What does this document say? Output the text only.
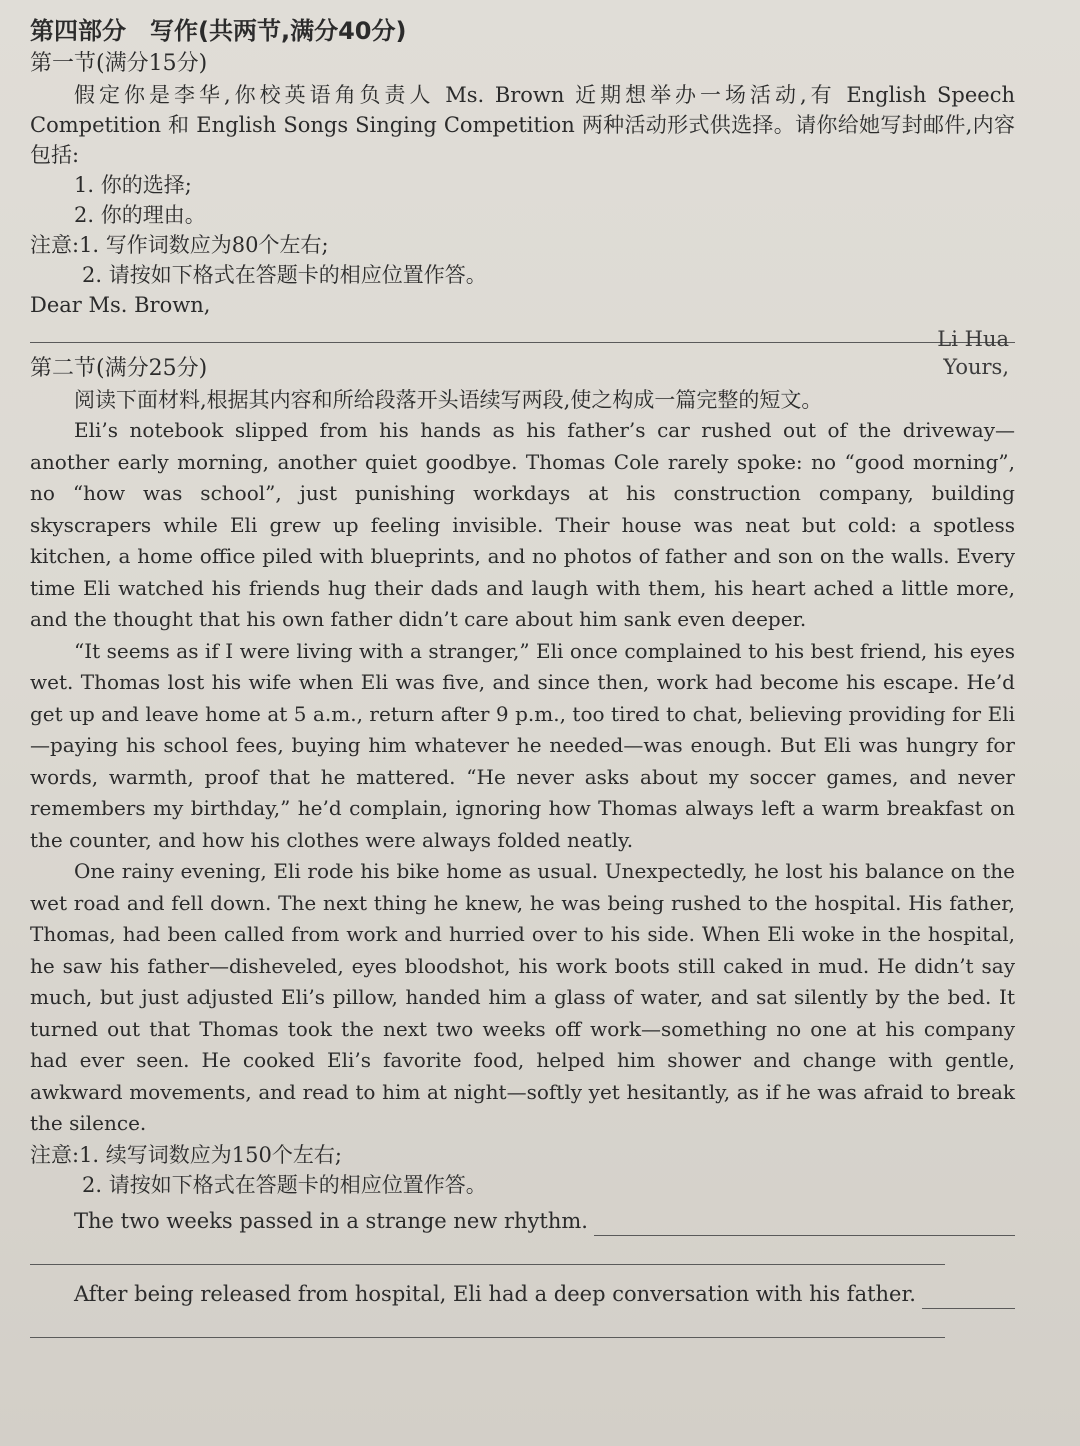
第四部分　写作(共两节,满分40分)
第一节(满分15分)

假定你是李华,你校英语角负责人 Ms. Brown 近期想举办一场活动,有 English Speech Competition 和 English Songs Singing Competition 两种活动形式供选择。请你给她写封邮件,内容包括:

1. 你的选择;
2. 你的理由。
注意:1. 写作词数应为80个左右;
2. 请按如下格式在答题卡的相应位置作答。
Dear Ms. Brown,
Yours,
第二节(满分25分)
Li Hua

阅读下面材料,根据其内容和所给段落开头语续写两段,使之构成一篇完整的短文。

Eli’s notebook slipped from his hands as his father’s car rushed out of the driveway—another early morning, another quiet goodbye. Thomas Cole rarely spoke: no “good morning”, no “how was school”, just punishing workdays at his construction company, building skyscrapers while Eli grew up feeling invisible. Their house was neat but cold: a spotless kitchen, a home office piled with blueprints, and no photos of father and son on the walls. Every time Eli watched his friends hug their dads and laugh with them, his heart ached a little more, and the thought that his own father didn’t care about him sank even deeper.

“It seems as if I were living with a stranger,” Eli once complained to his best friend, his eyes wet. Thomas lost his wife when Eli was five, and since then, work had become his escape. He’d get up and leave home at 5 a.m., return after 9 p.m., too tired to chat, believing providing for Eli—paying his school fees, buying him whatever he needed—was enough. But Eli was hungry for words, warmth, proof that he mattered. “He never asks about my soccer games, and never remembers my birthday,” he’d complain, ignoring how Thomas always left a warm breakfast on the counter, and how his clothes were always folded neatly.

One rainy evening, Eli rode his bike home as usual. Unexpectedly, he lost his balance on the wet road and fell down. The next thing he knew, he was being rushed to the hospital. His father, Thomas, had been called from work and hurried over to his side. When Eli woke in the hospital, he saw his father—disheveled, eyes bloodshot, his work boots still caked in mud. He didn’t say much, but just adjusted Eli’s pillow, handed him a glass of water, and sat silently by the bed. It turned out that Thomas took the next two weeks off work—something no one at his company had ever seen. He cooked Eli’s favorite food, helped him shower and change with gentle, awkward movements, and read to him at night—softly yet hesitantly, as if he was afraid to break the silence.

注意:1. 续写词数应为150个左右;
2. 请按如下格式在答题卡的相应位置作答。
The two weeks passed in a strange new rhythm.
After being released from hospital, Eli had a deep conversation with his father.
